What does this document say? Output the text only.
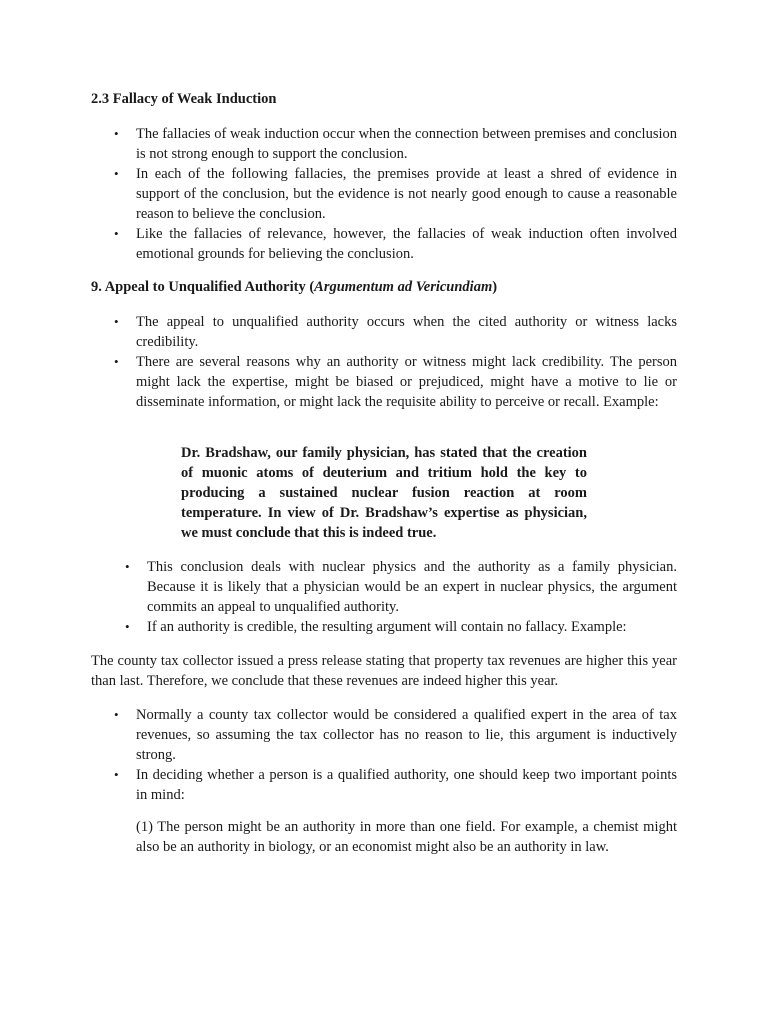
2.3 Fallacy of Weak Induction
• The fallacies of weak induction occur when the connection between premises and conclusion is not strong enough to support the conclusion.
• In each of the following fallacies, the premises provide at least a shred of evidence in support of the conclusion, but the evidence is not nearly good enough to cause a reasonable reason to believe the conclusion.
• Like the fallacies of relevance, however, the fallacies of weak induction often involved emotional grounds for believing the conclusion.
9. Appeal to Unqualified Authority (Argumentum ad Vericundiam)
• The appeal to unqualified authority occurs when the cited authority or witness lacks credibility.
• There are several reasons why an authority or witness might lack credibility. The person might lack the expertise, might be biased or prejudiced, might have a motive to lie or disseminate information, or might lack the requisite ability to perceive or recall. Example:
Dr. Bradshaw, our family physician, has stated that the creation of muonic atoms of deuterium and tritium hold the key to producing a sustained nuclear fusion reaction at room temperature. In view of Dr. Bradshaw’s expertise as physician, we must conclude that this is indeed true.
• This conclusion deals with nuclear physics and the authority as a family physician. Because it is likely that a physician would be an expert in nuclear physics, the argument commits an appeal to unqualified authority.
• If an authority is credible, the resulting argument will contain no fallacy. Example:
The county tax collector issued a press release stating that property tax revenues are higher this year than last. Therefore, we conclude that these revenues are indeed higher this year.
• Normally a county tax collector would be considered a qualified expert in the area of tax revenues, so assuming the tax collector has no reason to lie, this argument is inductively strong.
• In deciding whether a person is a qualified authority, one should keep two important points in mind:
(1) The person might be an authority in more than one field. For example, a chemist might also be an authority in biology, or an economist might also be an authority in law.
